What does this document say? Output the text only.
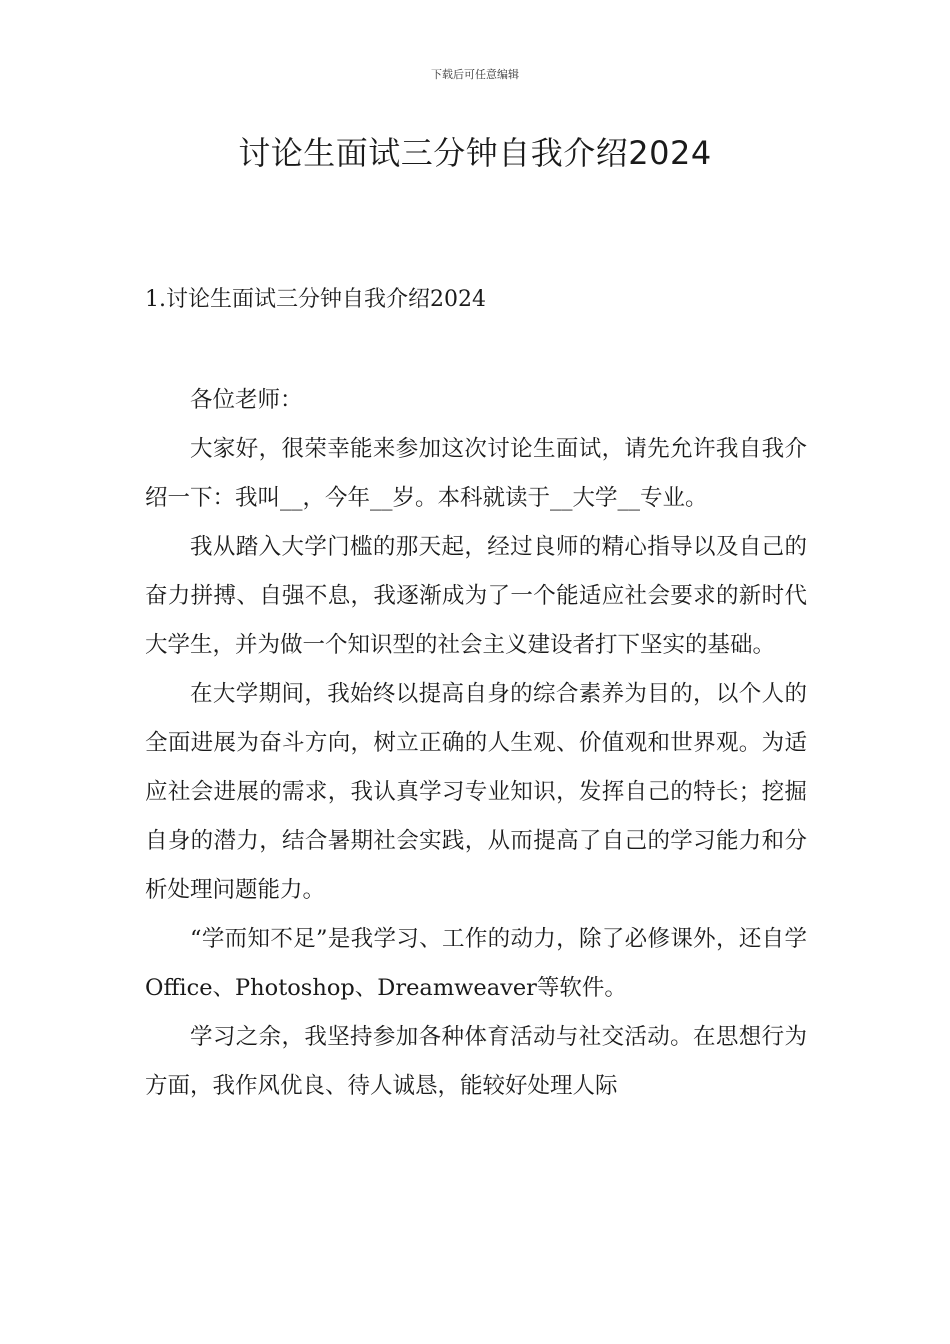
下载后可任意编辑
讨论生面试三分钟自我介绍2024
1.讨论生面试三分钟自我介绍2024

各位老师：

大家好，很荣幸能来参加这次讨论生面试，请先允许我自我介绍一下：我叫__，今年__岁。本科就读于__大学__专业。

我从踏入大学门槛的那天起，经过良师的精心指导以及自己的奋力拼搏、自强不息，我逐渐成为了一个能适应社会要求的新时代大学生，并为做一个知识型的社会主义建设者打下坚实的基础。

在大学期间，我始终以提高自身的综合素养为目的，以个人的全面进展为奋斗方向，树立正确的人生观、价值观和世界观。为适应社会进展的需求，我认真学习专业知识，发挥自己的特长；挖掘自身的潜力，结合暑期社会实践，从而提高了自己的学习能力和分析处理问题能力。

“学而知不足”是我学习、工作的动力，除了必修课外，还自学Office、Photoshop、Dreamweaver等软件。

学习之余，我坚持参加各种体育活动与社交活动。在思想行为方面，我作风优良、待人诚恳，能较好处理人际
